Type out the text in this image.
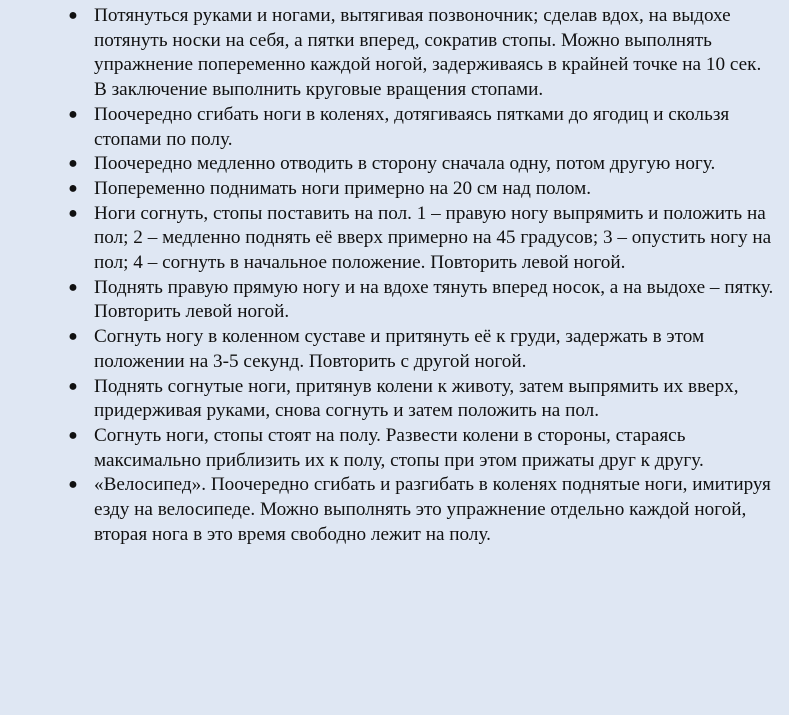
● Потянуться руками и ногами, вытягивая позвоночник; сделав вдох, на выдохе потянуть носки на себя, а пятки вперед, сократив стопы. Можно выполнять упражнение попеременно каждой ногой, задерживаясь в крайней точке на 10 сек. В заключение выполнить круговые вращения стопами.
● Поочередно сгибать ноги в коленях, дотягиваясь пятками до ягодиц и скользя стопами по полу.
● Поочередно медленно отводить в сторону сначала одну, потом другую ногу.
● Попеременно поднимать ноги примерно на 20 см над полом.
● Ноги согнуть, стопы поставить на пол. 1 – правую ногу выпрямить и положить на пол; 2 – медленно поднять её вверх примерно на 45 градусов; 3 – опустить ногу на пол; 4 – согнуть в начальное положение. Повторить левой ногой.
● Поднять правую прямую ногу и на вдохе тянуть вперед носок, а на выдохе – пятку. Повторить левой ногой.
● Согнуть ногу в коленном суставе и притянуть её к груди, задержать в этом положении на 3-5 секунд. Повторить с другой ногой.
● Поднять согнутые ноги, притянув колени к животу, затем выпрямить их вверх, придерживая руками, снова согнуть и затем положить на пол.
● Согнуть ноги, стопы стоят на полу. Развести колени в стороны, стараясь максимально приблизить их к полу, стопы при этом прижаты друг к другу.
● «Велосипед». Поочередно сгибать и разгибать в коленях поднятые ноги, имитируя езду на велосипеде. Можно выполнять это упражнение отдельно каждой ногой, вторая нога в это время свободно лежит на полу.
